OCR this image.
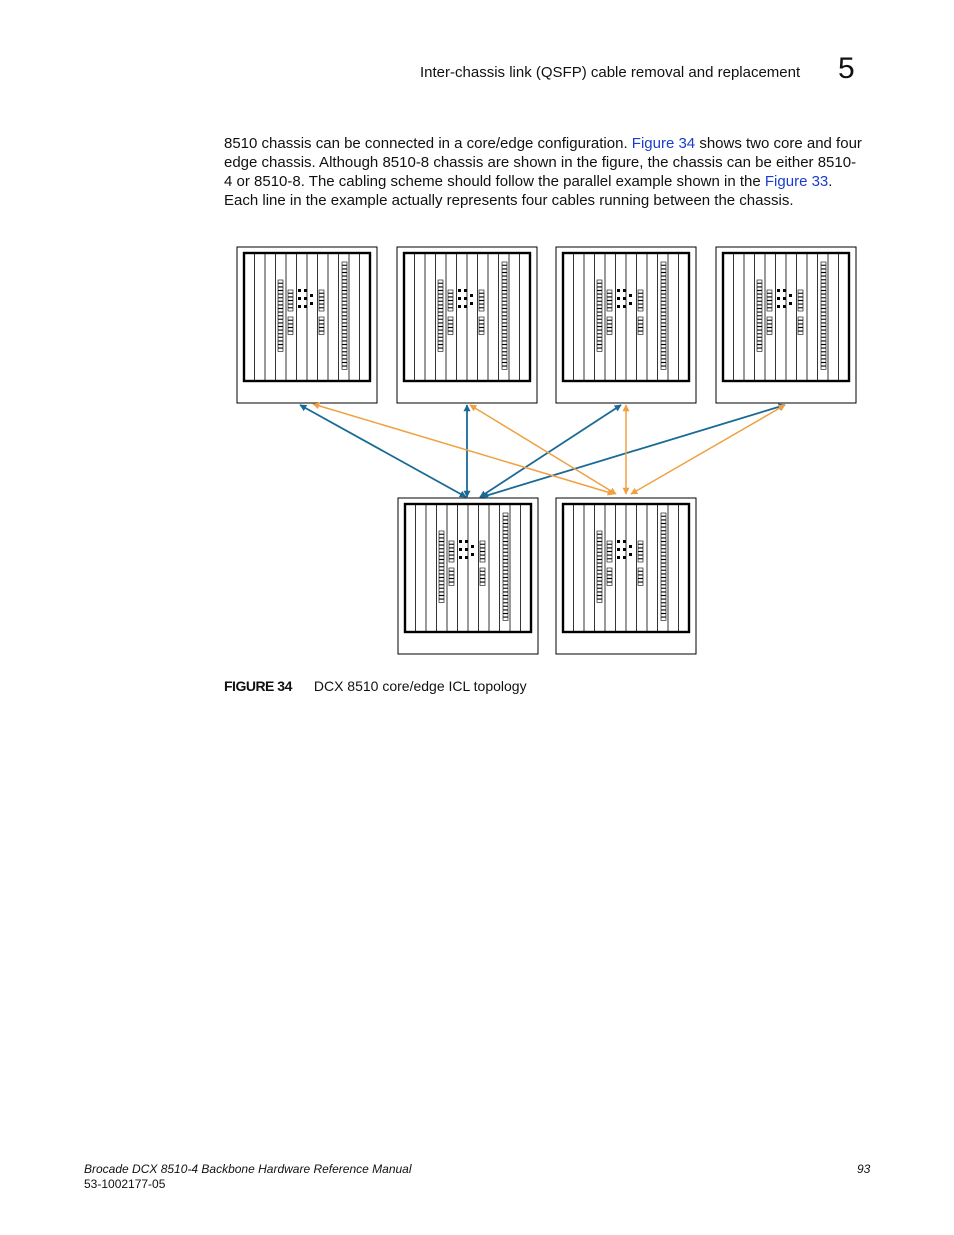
Inter-chassis link (QSFP) cable removal and replacement 5

8510 chassis can be connected in a core/edge configuration. Figure 34 shows two core and four edge chassis. Although 8510-8 chassis are shown in the figure, the chassis can be either 8510-4 or 8510-8. The cabling scheme should follow the parallel example shown in the Figure 33. Each line in the example actually represents four cables running between the chassis.

FIGURE 34 DCX 8510 core/edge ICL topology
Brocade DCX 8510-4 Backbone Hardware Reference Manual
53-1002177-05
93
